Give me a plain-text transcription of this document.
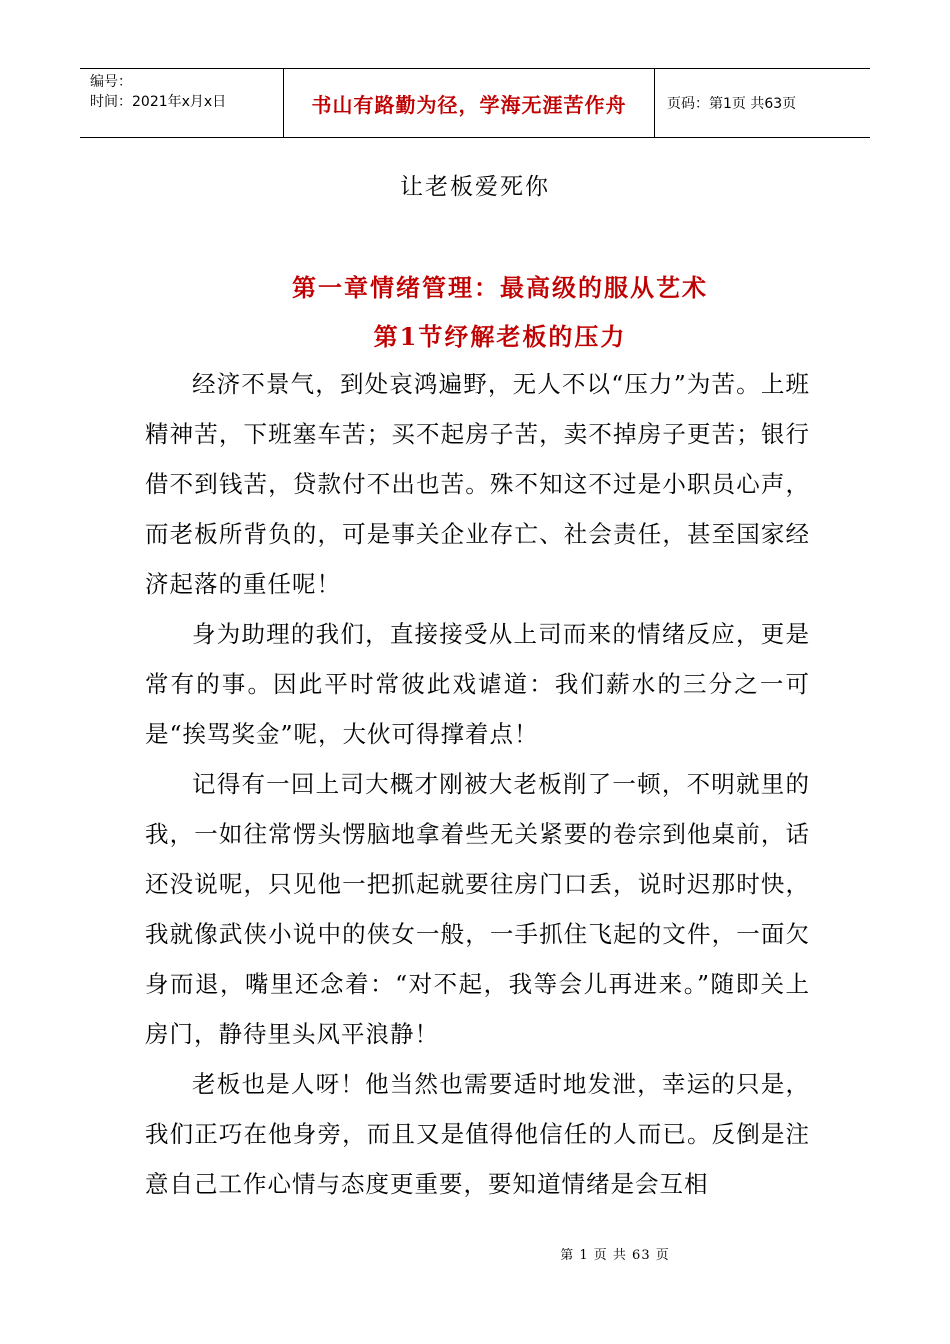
编号：
时间：2021年x月x日	书山有路勤为径，学海无涯苦作舟	页码：第1页 共63页
让老板爱死你
第一章情绪管理：最高级的服从艺术
第1节纾解老板的压力

经济不景气，到处哀鸿遍野，无人不以“压力”为苦。上班精神苦，下班塞车苦；买不起房子苦，卖不掉房子更苦；银行借不到钱苦，贷款付不出也苦。殊不知这不过是小职员心声，而老板所背负的，可是事关企业存亡、社会责任，甚至国家经济起落的重任呢！

身为助理的我们，直接接受从上司而来的情绪反应，更是常有的事。因此平时常彼此戏谑道：我们薪水的三分之一可是“挨骂奖金”呢，大伙可得撑着点！

记得有一回上司大概才刚被大老板削了一顿，不明就里的我，一如往常愣头愣脑地拿着些无关紧要的卷宗到他桌前，话还没说呢，只见他一把抓起就要往房门口丢，说时迟那时快，我就像武侠小说中的侠女一般，一手抓住飞起的文件，一面欠身而退，嘴里还念着：“对不起，我等会儿再进来。”随即关上房门，静待里头风平浪静！

老板也是人呀！他当然也需要适时地发泄，幸运的只是，我们正巧在他身旁，而且又是值得他信任的人而已。反倒是注意自己工作心情与态度更重要，要知道情绪是会互相

第 1 页 共 63 页
